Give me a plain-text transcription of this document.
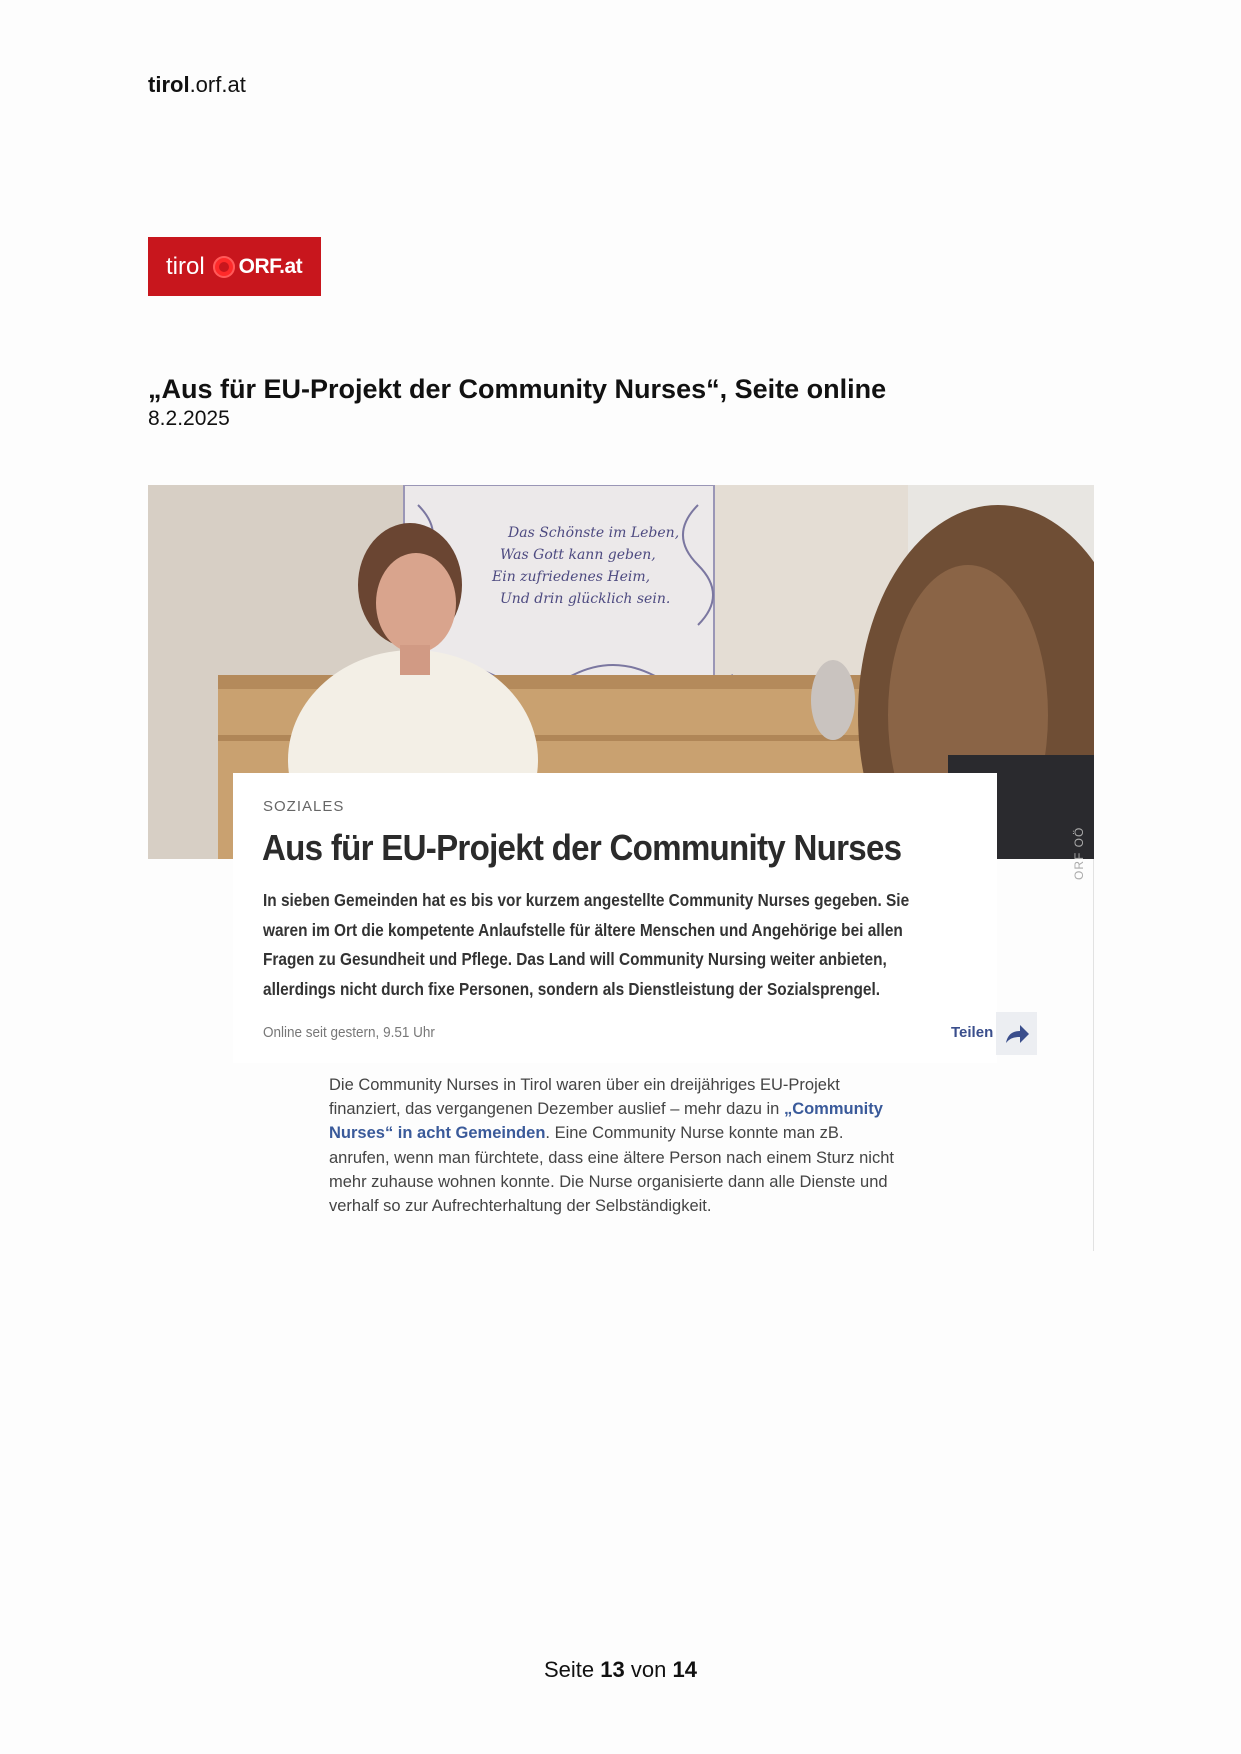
tirol.orf.at
tirol ORF.at
„Aus für EU-Projekt der Community Nurses“, Seite online
8.2.2025
Das Schönste im Leben,
Was Gott kann geben,
Ein zufriedenes Heim,
Und drin glücklich sein.
ORF OÖ
SOZIALES
Aus für EU-Projekt der Community Nurses
In sieben Gemeinden hat es bis vor kurzem angestellte Community Nurses gegeben. Sie waren im Ort die kompetente Anlaufstelle für ältere Menschen und Angehörige bei allen Fragen zu Gesundheit und Pflege. Das Land will Community Nursing weiter anbieten, allerdings nicht durch fixe Personen, sondern als Dienstleistung der Sozialsprengel.
Online seit gestern, 9.51 Uhr	Teilen
Die Community Nurses in Tirol waren über ein dreijähriges EU-Projekt finanziert, das vergangenen Dezember auslief – mehr dazu in „Community Nurses“ in acht Gemeinden. Eine Community Nurse konnte man zB. anrufen, wenn man fürchtete, dass eine ältere Person nach einem Sturz nicht mehr zuhause wohnen konnte. Die Nurse organisierte dann alle Dienste und verhalf so zur Aufrechterhaltung der Selbständigkeit.
Seite 13 von 14
